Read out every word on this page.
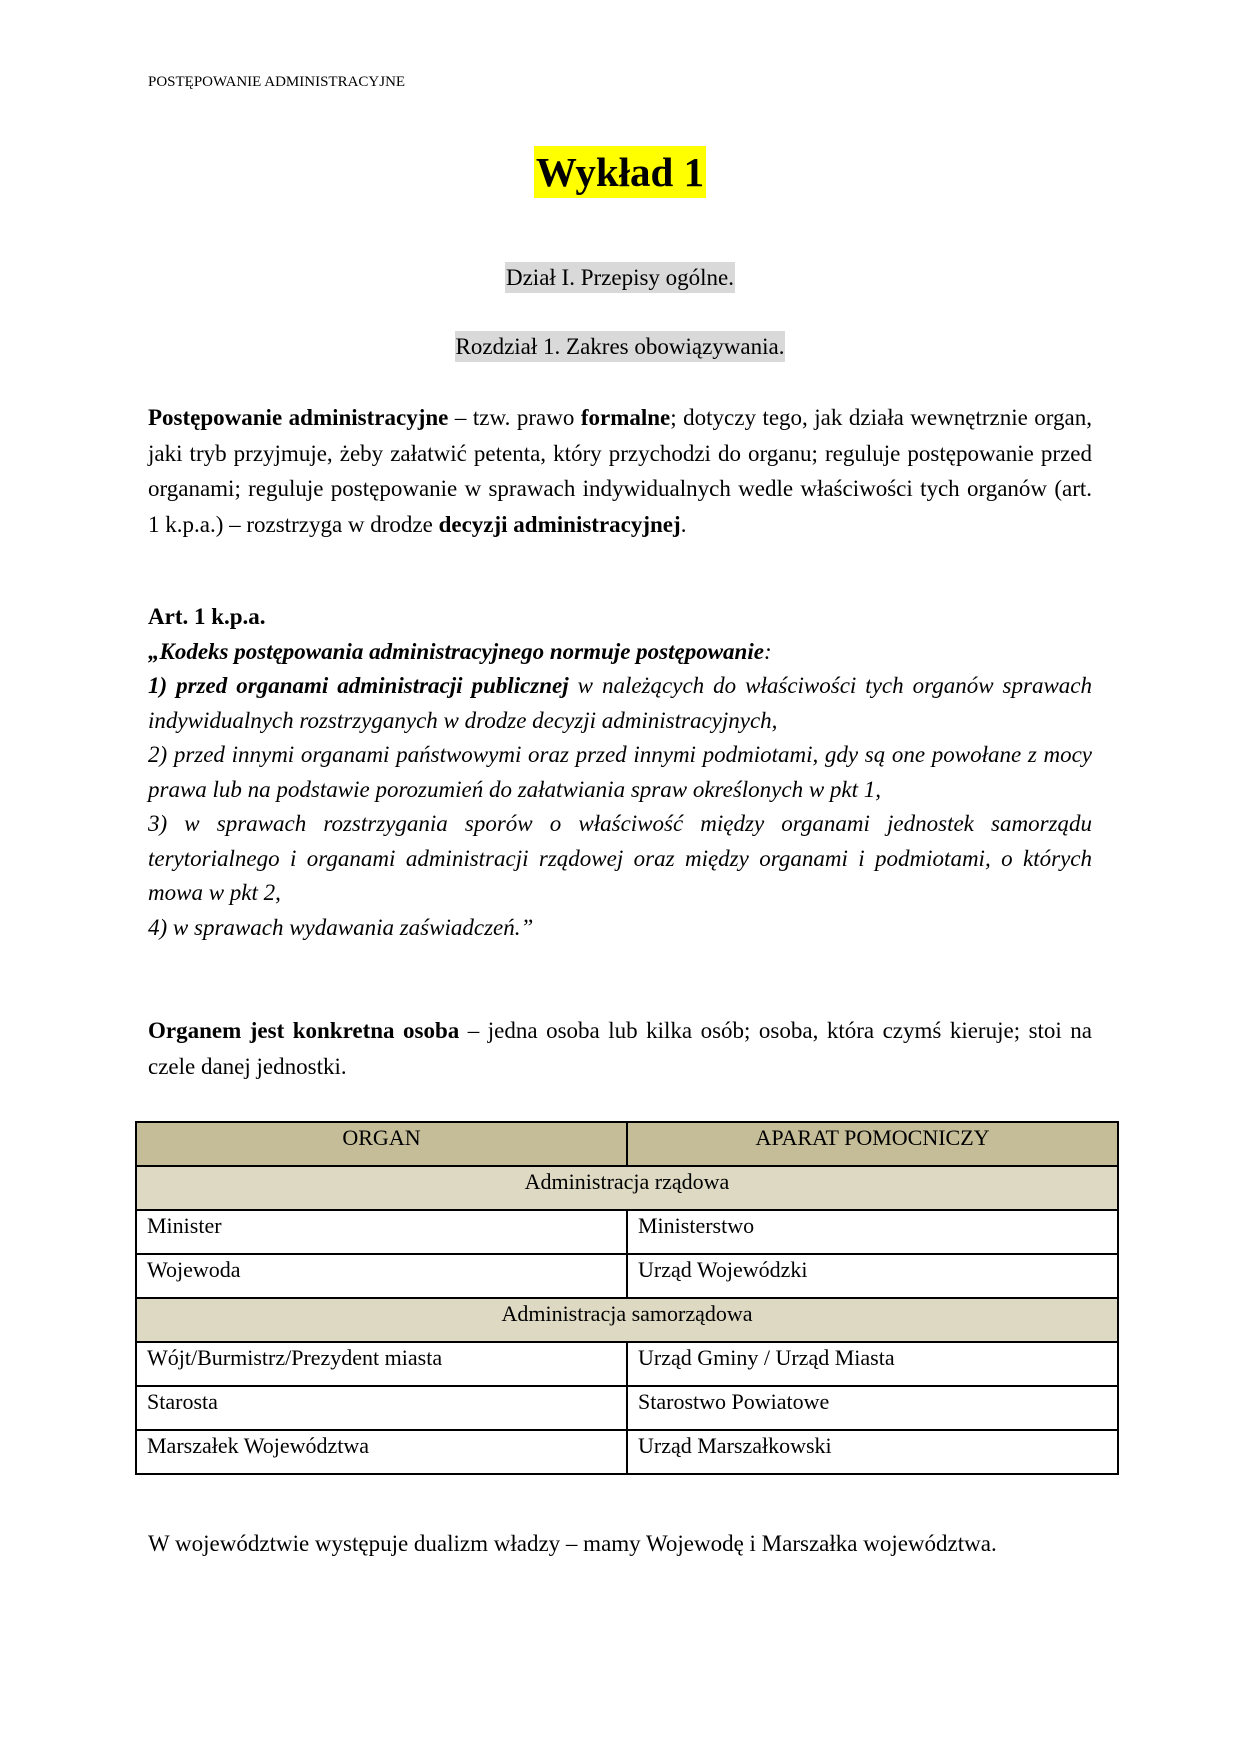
POSTĘPOWANIE ADMINISTRACYJNE
Wykład 1
Dział I. Przepisy ogólne.
Rozdział 1. Zakres obowiązywania.
Postępowanie administracyjne – tzw. prawo formalne; dotyczy tego, jak działa wewnętrznie organ, jaki tryb przyjmuje, żeby załatwić petenta, który przychodzi do organu; reguluje postępowanie przed organami; reguluje postępowanie w sprawach indywidualnych wedle właściwości tych organów (art. 1 k.p.a.) – rozstrzyga w drodze decyzji administracyjnej.
Art. 1 k.p.a.
„Kodeks postępowania administracyjnego normuje postępowanie:
1) przed organami administracji publicznej w należących do właściwości tych organów sprawach indywidualnych rozstrzyganych w drodze decyzji administracyjnych,
2) przed innymi organami państwowymi oraz przed innymi podmiotami, gdy są one powołane z mocy prawa lub na podstawie porozumień do załatwiania spraw określonych w pkt 1,
3) w sprawach rozstrzygania sporów o właściwość między organami jednostek samorządu terytorialnego i organami administracji rządowej oraz między organami i podmiotami, o których mowa w pkt 2,
4) w sprawach wydawania zaświadczeń.”
Organem jest konkretna osoba – jedna osoba lub kilka osób; osoba, która czymś kieruje; stoi na czele danej jednostki.
ORGAN	APARAT POMOCNICZY
Administracja rządowa	
Minister	Ministerstwo
Wojewoda	Urząd Wojewódzki
Administracja samorządowa	
Wójt/Burmistrz/Prezydent miasta	Urząd Gminy / Urząd Miasta
Starosta	Starostwo Powiatowe
Marszałek Województwa	Urząd Marszałkowski
W województwie występuje dualizm władzy – mamy Wojewodę i Marszałka województwa.
